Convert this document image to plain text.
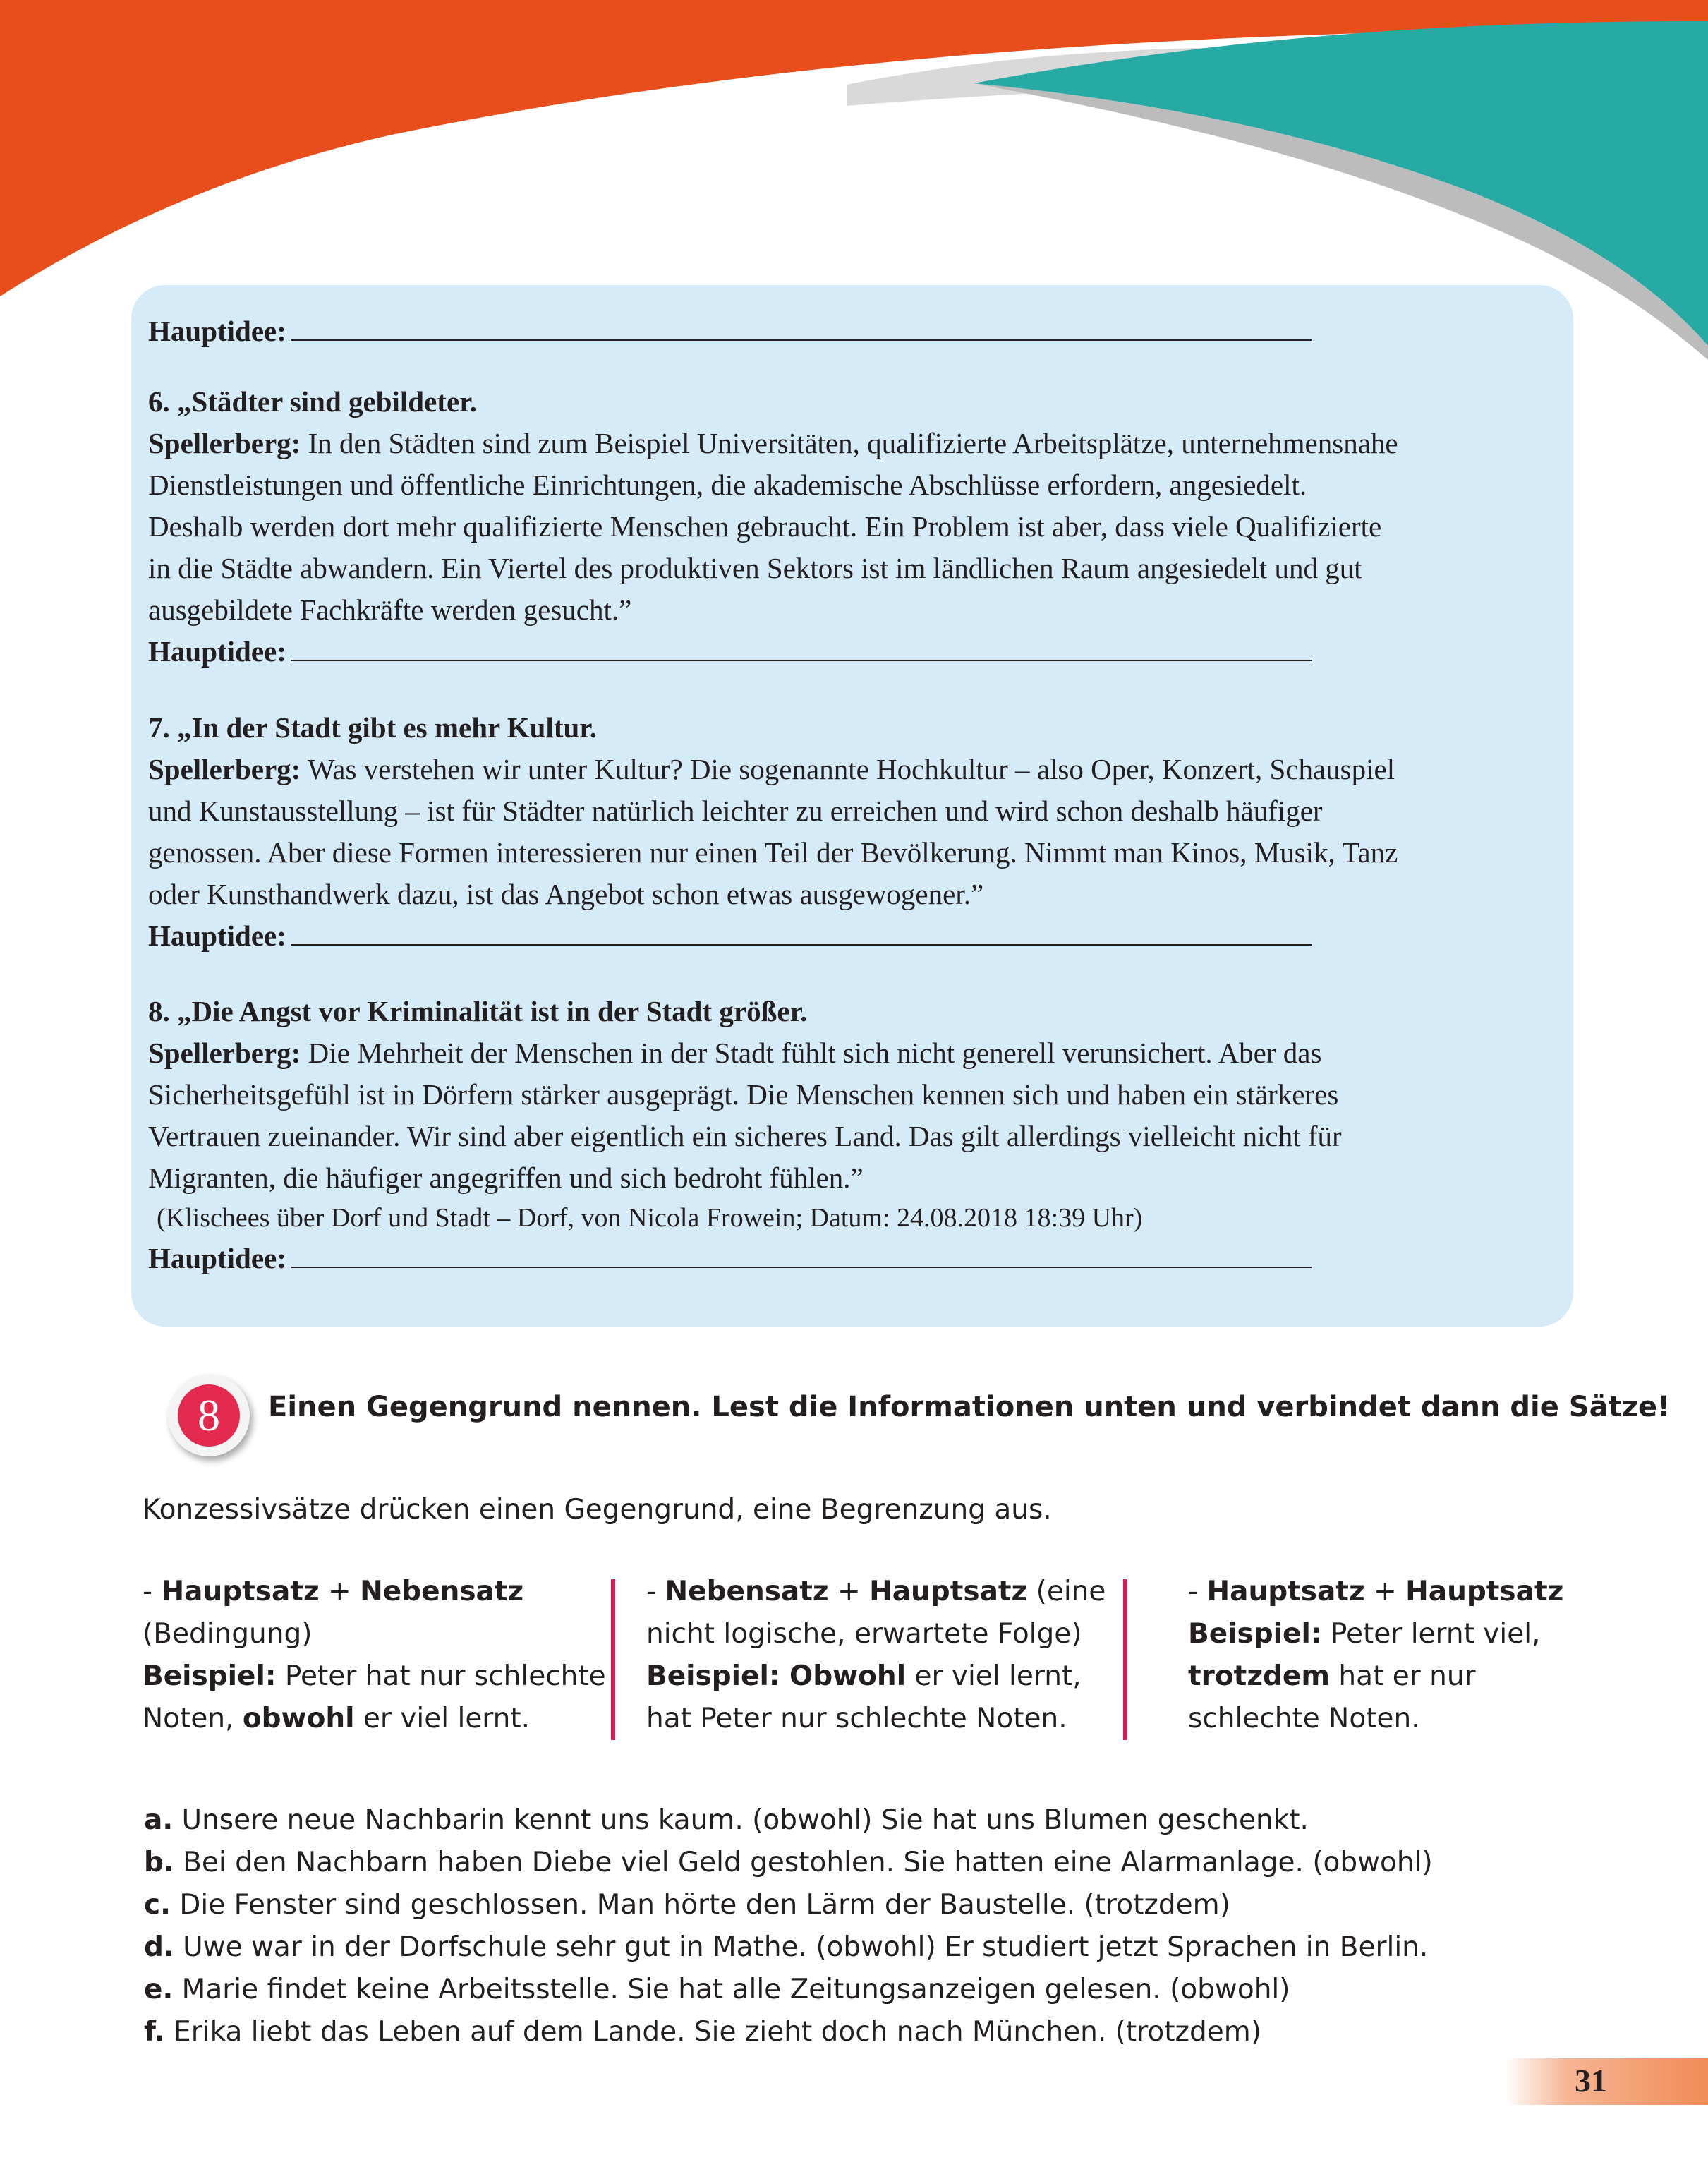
Hauptidee:
6. „Städter sind gebildeter.
Spellerberg: In den Städten sind zum Beispiel Universitäten, qualifizierte Arbeitsplätze, unternehmensnahe
Dienstleistungen und öffentliche Einrichtungen, die akademische Abschlüsse erfordern, angesiedelt.
Deshalb werden dort mehr qualifizierte Menschen gebraucht. Ein Problem ist aber, dass viele Qualifizierte
in die Städte abwandern. Ein Viertel des produktiven Sektors ist im ländlichen Raum angesiedelt und gut
ausgebildete Fachkräfte werden gesucht.”
Hauptidee:
7. „In der Stadt gibt es mehr Kultur.
Spellerberg: Was verstehen wir unter Kultur? Die sogenannte Hochkultur – also Oper, Konzert, Schauspiel
und Kunstausstellung – ist für Städter natürlich leichter zu erreichen und wird schon deshalb häufiger
genossen. Aber diese Formen interessieren nur einen Teil der Bevölkerung. Nimmt man Kinos, Musik, Tanz
oder Kunsthandwerk dazu, ist das Angebot schon etwas ausgewogener.”
Hauptidee:
8. „Die Angst vor Kriminalität ist in der Stadt größer.
Spellerberg: Die Mehrheit der Menschen in der Stadt fühlt sich nicht generell verunsichert. Aber das
Sicherheitsgefühl ist in Dörfern stärker ausgeprägt. Die Menschen kennen sich und haben ein stärkeres
Vertrauen zueinander. Wir sind aber eigentlich ein sicheres Land. Das gilt allerdings vielleicht nicht für
Migranten, die häufiger angegriffen und sich bedroht fühlen.”
(Klischees über Dorf und Stadt – Dorf, von Nicola Frowein; Datum: 24.08.2018 18:39 Uhr)
Hauptidee:
8	Einen Gegengrund nennen. Lest die Informationen unten und verbindet dann die Sätze!
Konzessivsätze drücken einen Gegengrund, eine Begrenzung aus.
- Hauptsatz + Nebensatz
(Bedingung)
Beispiel: Peter hat nur schlechte
Noten, obwohl er viel lernt.
- Nebensatz + Hauptsatz (eine
nicht logische, erwartete Folge)
Beispiel: Obwohl er viel lernt,
hat Peter nur schlechte Noten.
- Hauptsatz + Hauptsatz
Beispiel: Peter lernt viel,
trotzdem hat er nur
schlechte Noten.
a. Unsere neue Nachbarin kennt uns kaum. (obwohl) Sie hat uns Blumen geschenkt.
b. Bei den Nachbarn haben Diebe viel Geld gestohlen. Sie hatten eine Alarmanlage. (obwohl)
c. Die Fenster sind geschlossen. Man hörte den Lärm der Baustelle. (trotzdem)
d. Uwe war in der Dorfschule sehr gut in Mathe. (obwohl) Er studiert jetzt Sprachen in Berlin.
e. Marie findet keine Arbeitsstelle. Sie hat alle Zeitungsanzeigen gelesen. (obwohl)
f. Erika liebt das Leben auf dem Lande. Sie zieht doch nach München. (trotzdem)
31
